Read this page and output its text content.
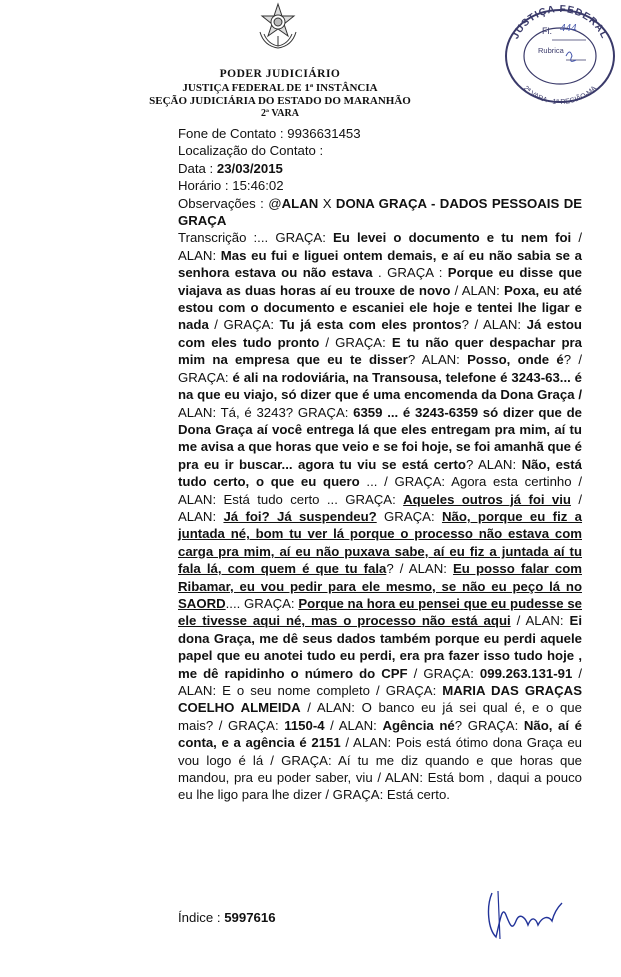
PODER JUDICIÁRIO
JUSTIÇA FEDERAL DE 1ª INSTÂNCIA
SEÇÃO JUDICIÁRIA DO ESTADO DO MARANHÃO
2ª VARA
JUSTIÇA FEDERAL
2ª VARA - 1ª REGIÃO-MA
Fl. 444
Rubrica

Fone de Contato : 9936631453

Localização do Contato :

Data : 23/03/2015

Horário : 15:46:02

Observações : @ALAN X DONA GRAÇA - DADOS PESSOAIS DE GRAÇA

Transcrição :... GRAÇA: Eu levei o documento e tu nem foi / ALAN: Mas eu fui e liguei ontem demais, e aí eu não sabia se a senhora estava ou não estava . GRAÇA : Porque eu disse que viajava as duas horas aí eu trouxe de novo / ALAN: Poxa, eu até estou com o documento e escaniei ele hoje e tentei lhe ligar e nada / GRAÇA: Tu já esta com eles prontos? / ALAN: Já estou com eles tudo pronto / GRAÇA: E tu não quer despachar pra mim na empresa que eu te disser? ALAN: Posso, onde é? / GRAÇA: é ali na rodoviária, na Transousa, telefone é 3243-63... é na que eu viajo, só dizer que é uma encomenda da Dona Graça / ALAN: Tá, é 3243? GRAÇA: 6359 ... é 3243-6359 só dizer que de Dona Graça aí você entrega lá que eles entregam pra mim, aí tu me avisa a que horas que veio e se foi hoje, se foi amanhã que é pra eu ir buscar... agora tu viu se está certo? ALAN: Não, está tudo certo, o que eu quero ... / GRAÇA: Agora esta certinho / ALAN: Está tudo certo ... GRAÇA: Aqueles outros já foi viu / ALAN: Já foi? Já suspendeu? GRAÇA: Não, porque eu fiz a juntada né, bom tu ver lá porque o processo não estava com carga pra mim, aí eu não puxava sabe, aí eu fiz a juntada aí tu fala lá, com quem é que tu fala? / ALAN: Eu posso falar com Ribamar, eu vou pedir para ele mesmo, se não eu peço lá no SAORD.... GRAÇA: Porque na hora eu pensei que eu pudesse se ele tivesse aqui né, mas o processo não está aqui / ALAN: Ei dona Graça, me dê seus dados também porque eu perdi aquele papel que eu anotei tudo eu perdi, era pra fazer isso tudo hoje , me dê rapidinho o número do CPF / GRAÇA: 099.263.131-91 / ALAN: E o seu nome completo / GRAÇA: MARIA DAS GRAÇAS COELHO ALMEIDA / ALAN: O banco eu já sei qual é, e o que mais? / GRAÇA: 1150-4 / ALAN: Agência né? GRAÇA: Não, aí é conta, e a agência é 2151 / ALAN: Pois está ótimo dona Graça eu vou logo é lá / GRAÇA: Aí tu me diz quando e que horas que mandou, pra eu poder saber, viu / ALAN: Está bom , daqui a pouco eu lhe ligo para lhe dizer / GRAÇA: Está certo.

Índice : 5997616
